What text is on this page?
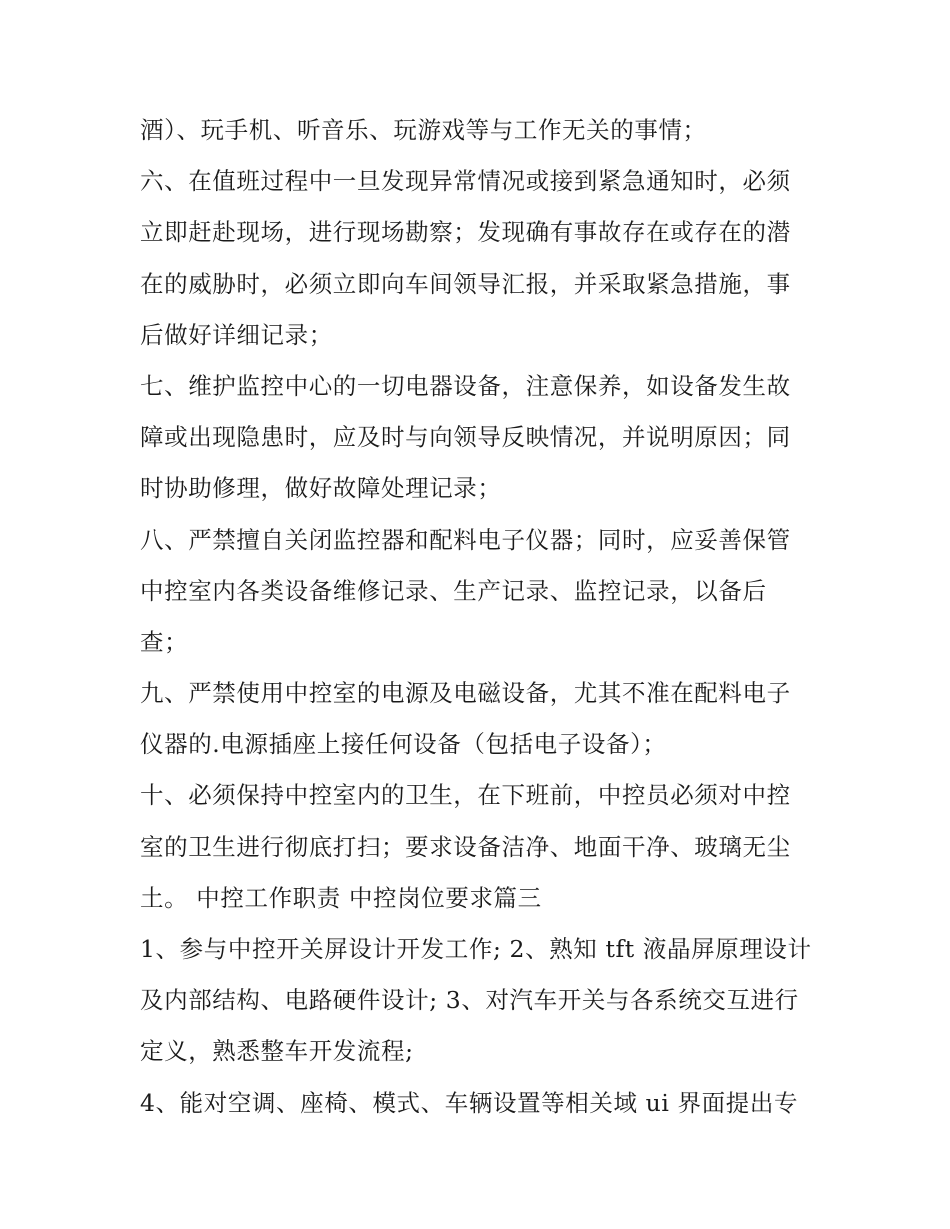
酒）、玩手机、听音乐、玩游戏等与工作无关的事情；
六、在值班过程中一旦发现异常情况或接到紧急通知时，必须
立即赶赴现场，进行现场勘察；发现确有事故存在或存在的潜
在的威胁时，必须立即向车间领导汇报，并采取紧急措施，事
后做好详细记录；
七、维护监控中心的一切电器设备，注意保养，如设备发生故
障或出现隐患时，应及时与向领导反映情况，并说明原因；同
时协助修理，做好故障处理记录；
八、严禁擅自关闭监控器和配料电子仪器；同时，应妥善保管
中控室内各类设备维修记录、生产记录、监控记录，以备后
查；
九、严禁使用中控室的电源及电磁设备，尤其不准在配料电子
仪器的.电源插座上接任何设备（包括电子设备）；
十、必须保持中控室内的卫生，在下班前，中控员必须对中控
室的卫生进行彻底打扫；要求设备洁净、地面干净、玻璃无尘
土。 中控工作职责 中控岗位要求篇三
1、参与中控开关屏设计开发工作; 2、熟知 tft 液晶屏原理设计
及内部结构、电路硬件设计; 3、对汽车开关与各系统交互进行
定义，熟悉整车开发流程;
4、能对空调、座椅、模式、车辆设置等相关域 ui 界面提出专
